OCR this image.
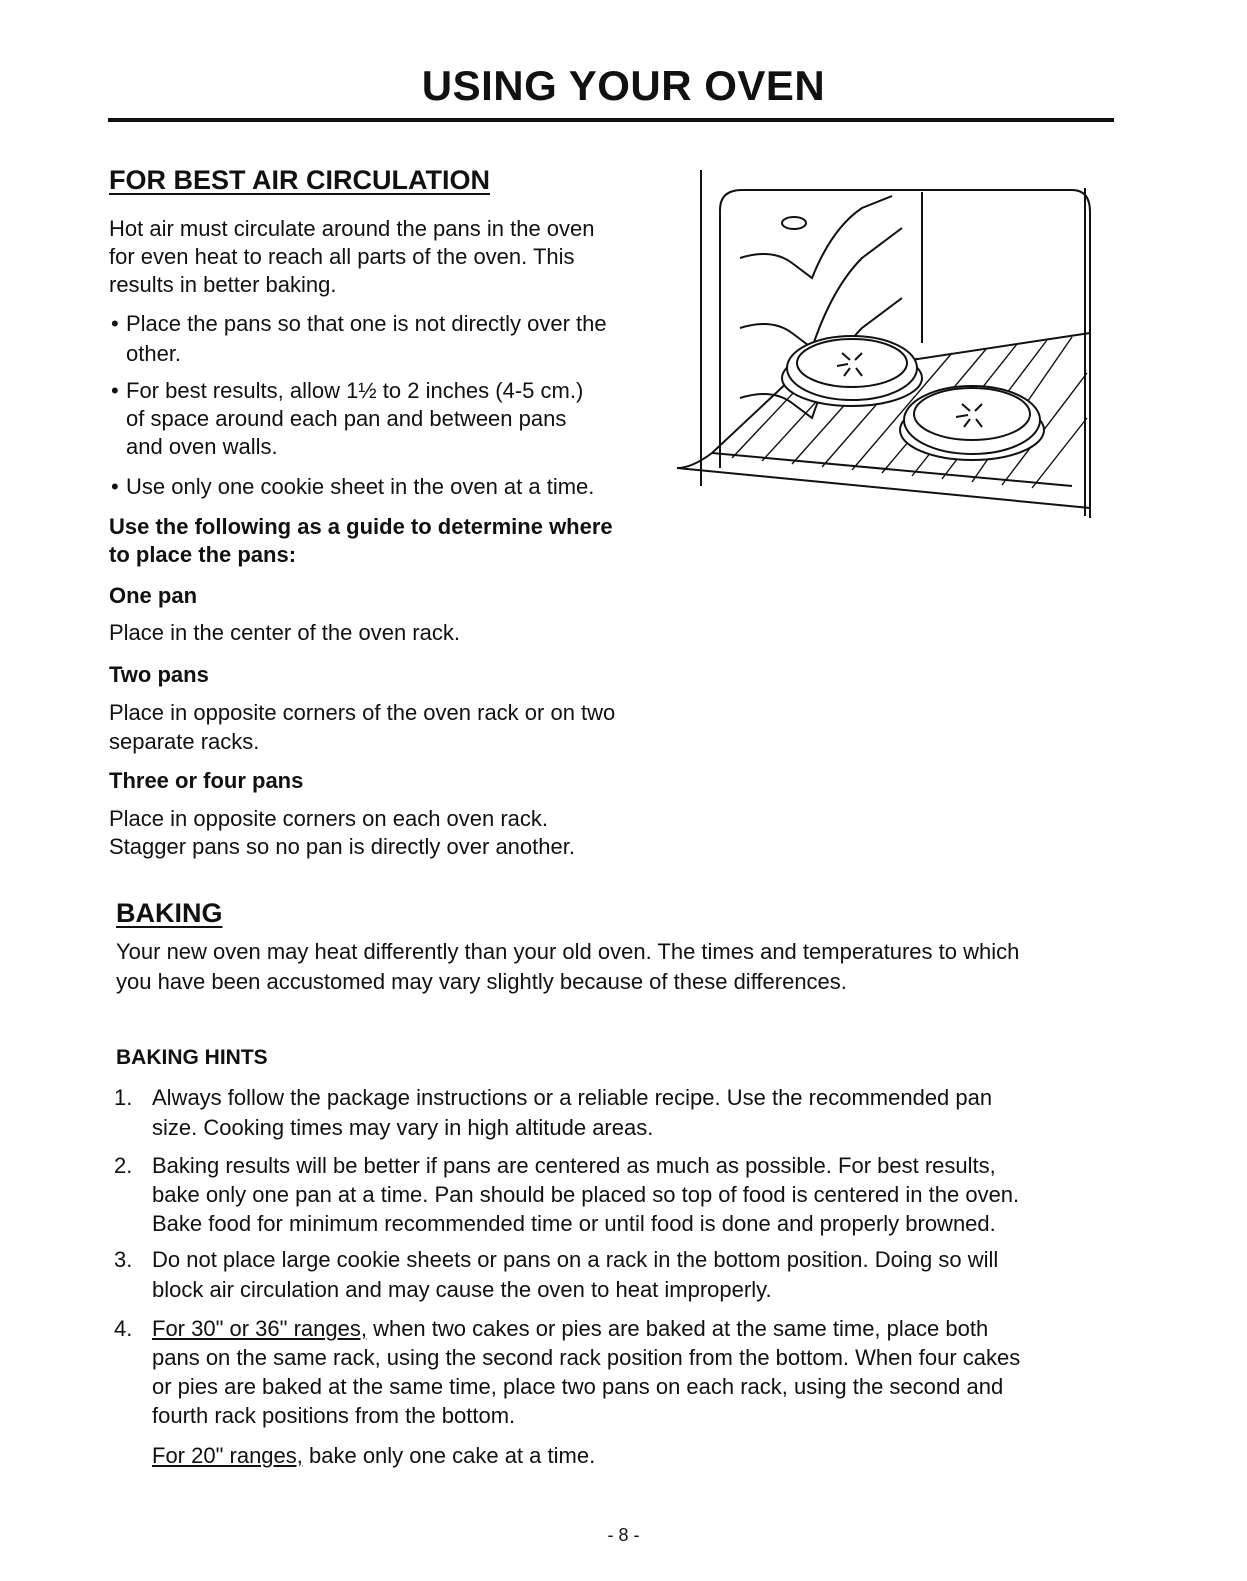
USING YOUR OVEN
FOR BEST AIR CIRCULATION
Hot air must circulate around the pans in the oven
for even heat to reach all parts of the oven. This
results in better baking.
• Place the pans so that one is not directly over the
other.
• For best results, allow 1½ to 2 inches (4-5 cm.)
of space around each pan and between pans
and oven walls.
• Use only one cookie sheet in the oven at a time.
Use the following as a guide to determine where
to place the pans:
One pan
Place in the center of the oven rack.
Two pans
Place in opposite corners of the oven rack or on two
separate racks.
Three or four pans
Place in opposite corners on each oven rack.
Stagger pans so no pan is directly over another.
BAKING
Your new oven may heat differently than your old oven. The times and temperatures to which
you have been accustomed may vary slightly because of these differences.
BAKING HINTS
1. Always follow the package instructions or a reliable recipe. Use the recommended pan
size. Cooking times may vary in high altitude areas.
2. Baking results will be better if pans are centered as much as possible. For best results,
bake only one pan at a time. Pan should be placed so top of food is centered in the oven.
Bake food for minimum recommended time or until food is done and properly browned.
3. Do not place large cookie sheets or pans on a rack in the bottom position. Doing so will
block air circulation and may cause the oven to heat improperly.
4. For 30" or 36" ranges, when two cakes or pies are baked at the same time, place both
pans on the same rack, using the second rack position from the bottom. When four cakes
or pies are baked at the same time, place two pans on each rack, using the second and
fourth rack positions from the bottom.
For 20" ranges, bake only one cake at a time.
- 8 -
